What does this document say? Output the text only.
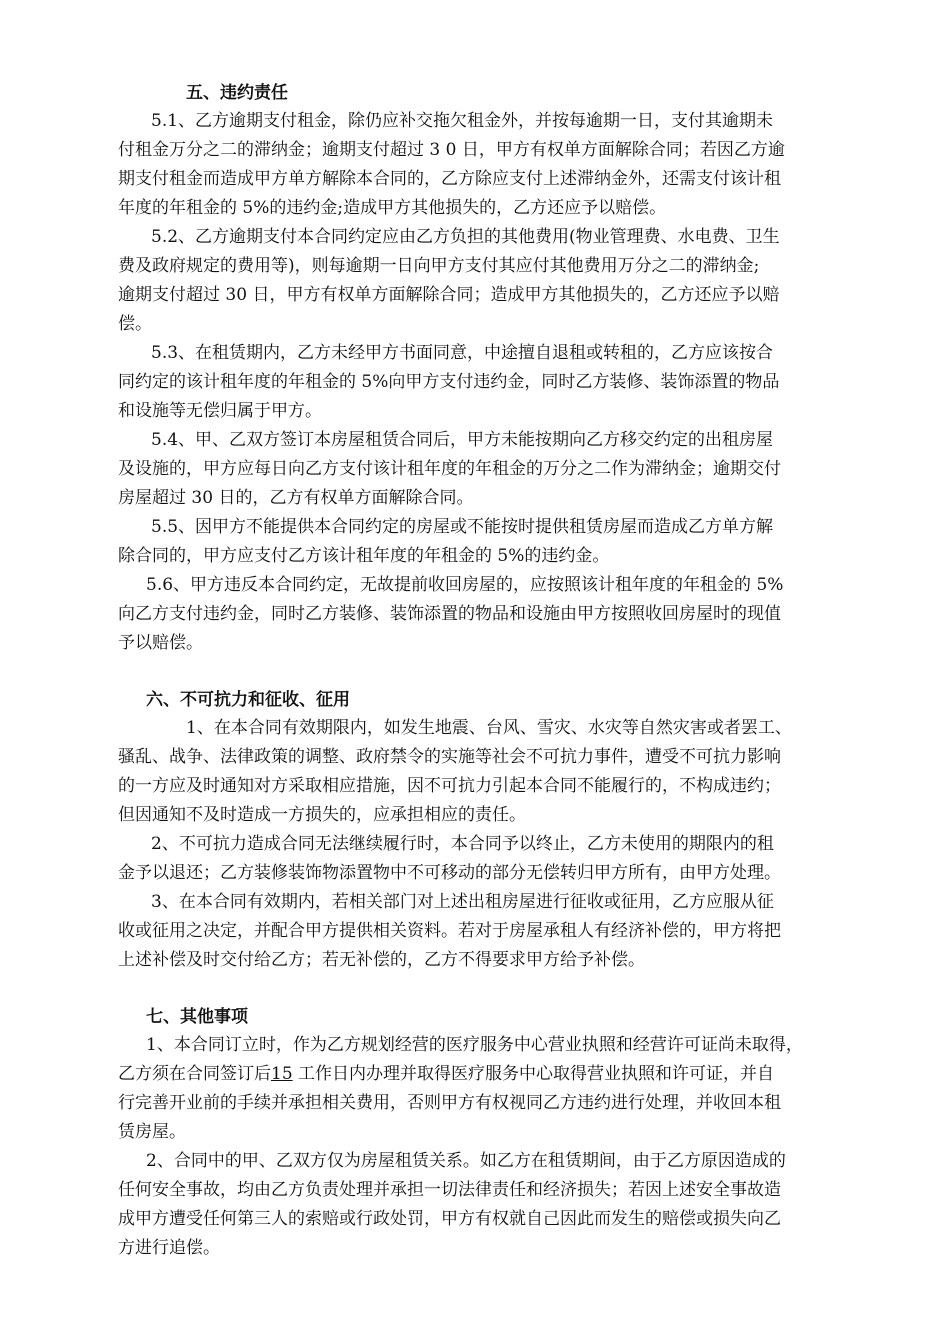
五、违约责任
5.1、乙方逾期支付租金，除仍应补交拖欠租金外，并按每逾期一日，支付其逾期未
付租金万分之二的滞纳金；逾期支付超过 3 0 日，甲方有权单方面解除合同；若因乙方逾
期支付租金而造成甲方单方解除本合同的，乙方除应支付上述滞纳金外，还需支付该计租
年度的年租金的 5%的违约金;造成甲方其他损失的，乙方还应予以赔偿。
5.2、乙方逾期支付本合同约定应由乙方负担的其他费用(物业管理费、水电费、卫生
费及政府规定的费用等)，则每逾期一日向甲方支付其应付其他费用万分之二的滞纳金;
逾期支付超过 30 日，甲方有权单方面解除合同；造成甲方其他损失的，乙方还应予以赔
偿。
5.3、在租赁期内，乙方未经甲方书面同意，中途擅自退租或转租的，乙方应该按合
同约定的该计租年度的年租金的 5%向甲方支付违约金，同时乙方装修、装饰添置的物品
和设施等无偿归属于甲方。
5.4、甲、乙双方签订本房屋租赁合同后，甲方未能按期向乙方移交约定的出租房屋
及设施的，甲方应每日向乙方支付该计租年度的年租金的万分之二作为滞纳金；逾期交付
房屋超过 30 日的，乙方有权单方面解除合同。
5.5、因甲方不能提供本合同约定的房屋或不能按时提供租赁房屋而造成乙方单方解
除合同的，甲方应支付乙方该计租年度的年租金的 5%的违约金。
5.6、甲方违反本合同约定，无故提前收回房屋的，应按照该计租年度的年租金的 5%
向乙方支付违约金，同时乙方装修、装饰添置的物品和设施由甲方按照收回房屋时的现值
予以赔偿。
六、不可抗力和征收、征用
1、在本合同有效期限内，如发生地震、台风、雪灾、水灾等自然灾害或者罢工、
骚乱、战争、法律政策的调整、政府禁令的实施等社会不可抗力事件，遭受不可抗力影响
的一方应及时通知对方采取相应措施，因不可抗力引起本合同不能履行的，不构成违约；
但因通知不及时造成一方损失的，应承担相应的责任。
2、不可抗力造成合同无法继续履行时，本合同予以终止，乙方未使用的期限内的租
金予以退还；乙方装修装饰物添置物中不可移动的部分无偿转归甲方所有，由甲方处理。
3、在本合同有效期内，若相关部门对上述出租房屋进行征收或征用，乙方应服从征
收或征用之决定，并配合甲方提供相关资料。若对于房屋承租人有经济补偿的，甲方将把
上述补偿及时交付给乙方；若无补偿的，乙方不得要求甲方给予补偿。
七、其他事项
1、本合同订立时，作为乙方规划经营的医疗服务中心营业执照和经营许可证尚未取得，
乙方须在合同签订后15 工作日内办理并取得医疗服务中心取得营业执照和许可证，并自
行完善开业前的手续并承担相关费用，否则甲方有权视同乙方违约进行处理，并收回本租
赁房屋。
2、合同中的甲、乙双方仅为房屋租赁关系。如乙方在租赁期间，由于乙方原因造成的
任何安全事故，均由乙方负责处理并承担一切法律责任和经济损失；若因上述安全事故造
成甲方遭受任何第三人的索赔或行政处罚，甲方有权就自己因此而发生的赔偿或损失向乙
方进行追偿。
